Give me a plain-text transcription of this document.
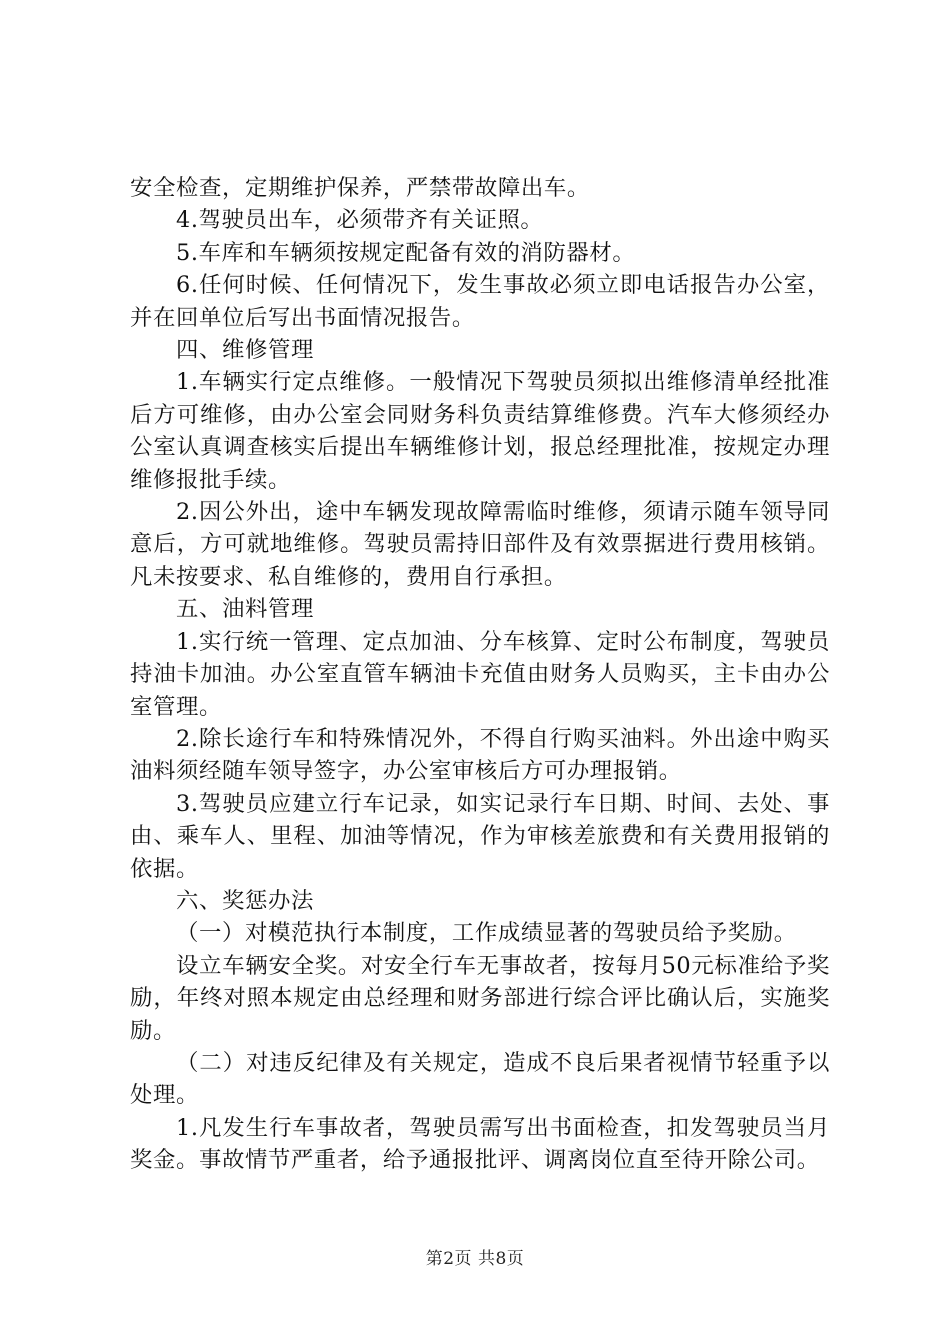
安全检查，定期维护保养，严禁带故障出车。

4.驾驶员出车，必须带齐有关证照。

5.车库和车辆须按规定配备有效的消防器材。

6.任何时候、任何情况下，发生事故必须立即电话报告办公室，并在回单位后写出书面情况报告。

四、维修管理

1.车辆实行定点维修。一般情况下驾驶员须拟出维修清单经批准后方可维修，由办公室会同财务科负责结算维修费。汽车大修须经办公室认真调查核实后提出车辆维修计划，报总经理批准，按规定办理维修报批手续。

2.因公外出，途中车辆发现故障需临时维修，须请示随车领导同意后，方可就地维修。驾驶员需持旧部件及有效票据进行费用核销。凡未按要求、私自维修的，费用自行承担。

五、油料管理

1.实行统一管理、定点加油、分车核算、定时公布制度，驾驶员持油卡加油。办公室直管车辆油卡充值由财务人员购买，主卡由办公室管理。

2.除长途行车和特殊情况外，不得自行购买油料。外出途中购买油料须经随车领导签字，办公室审核后方可办理报销。

3.驾驶员应建立行车记录，如实记录行车日期、时间、去处、事由、乘车人、里程、加油等情况，作为审核差旅费和有关费用报销的依据。

六、奖惩办法

（一）对模范执行本制度，工作成绩显著的驾驶员给予奖励。

设立车辆安全奖。对安全行车无事故者，按每月50元标准给予奖励，年终对照本规定由总经理和财务部进行综合评比确认后，实施奖励。

（二）对违反纪律及有关规定，造成不良后果者视情节轻重予以处理。

1.凡发生行车事故者，驾驶员需写出书面检查，扣发驾驶员当月奖金。事故情节严重者，给予通报批评、调离岗位直至待开除公司。

第2页 共8页
